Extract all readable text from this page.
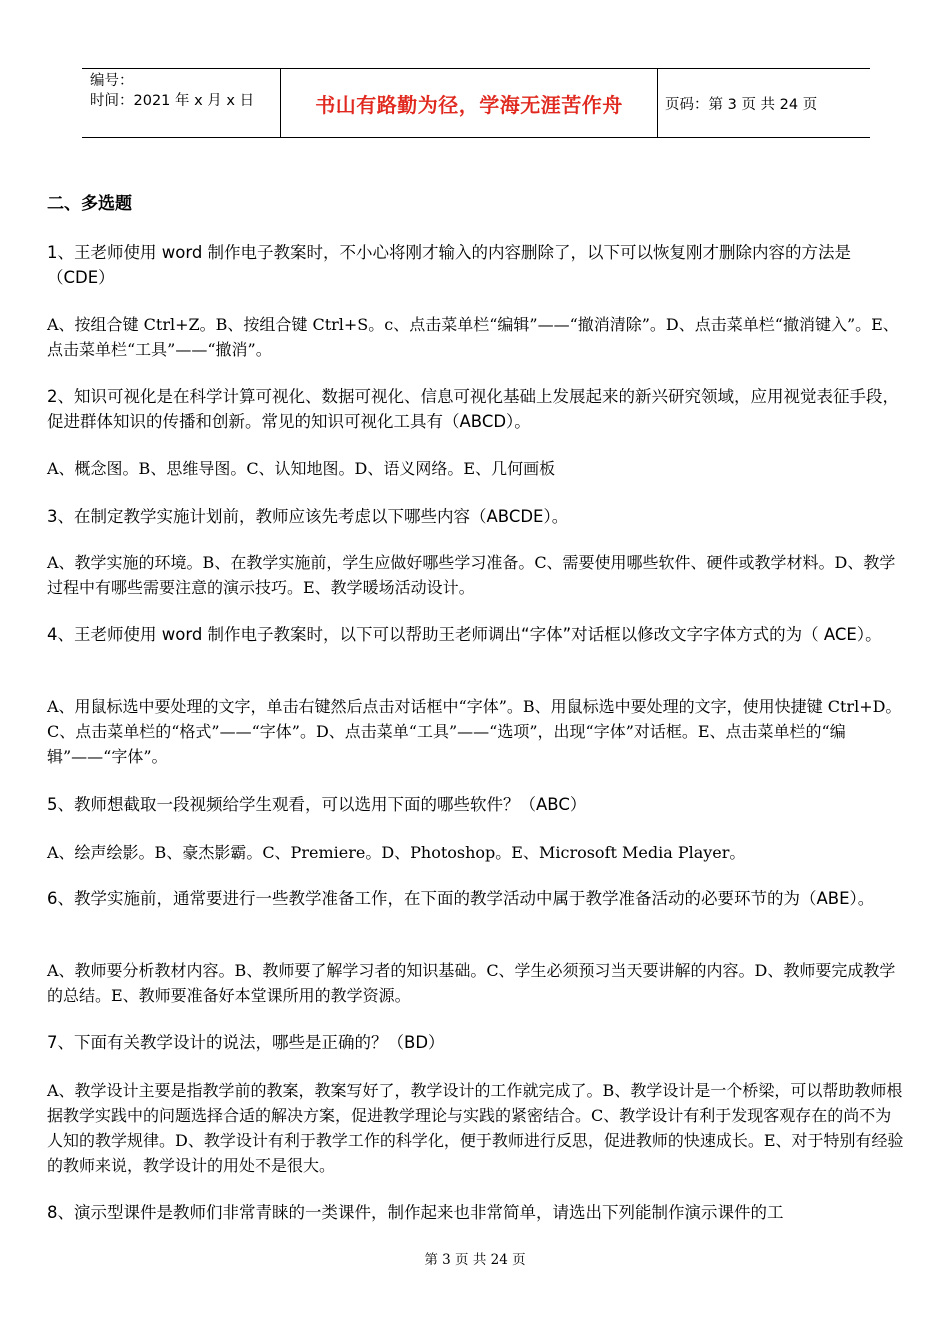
编号：
时间：2021 年 x 月 x 日	书山有路勤为径，学海无涯苦作舟	页码：第 3 页 共 24 页
二、多选题
1、王老师使用 word 制作电子教案时，不小心将刚才输入的内容删除了，以下可以恢复刚才删除内容的方法是（CDE）
A、按组合键 Ctrl+Z。B、按组合键 Ctrl+S。c、点击菜单栏“编辑”——“撤消清除”。D、点击菜单栏“撤消键入”。E、点击菜单栏“工具”——“撤消”。
2、知识可视化是在科学计算可视化、数据可视化、信息可视化基础上发展起来的新兴研究领域，应用视觉表征手段，促进群体知识的传播和创新。常见的知识可视化工具有（ABCD）。
A、概念图。B、思维导图。C、认知地图。D、语义网络。E、几何画板
3、在制定教学实施计划前，教师应该先考虑以下哪些内容（ABCDE）。
A、教学实施的环境。B、在教学实施前，学生应做好哪些学习准备。C、需要使用哪些软件、硬件或教学材料。D、教学过程中有哪些需要注意的演示技巧。E、教学暖场活动设计。
4、王老师使用 word 制作电子教案时，以下可以帮助王老师调出“字体”对话框以修改文字字体方式的为（ ACE）。
A、用鼠标选中要处理的文字，单击右键然后点击对话框中“字体”。B、用鼠标选中要处理的文字，使用快捷键 Ctrl+D。C、点击菜单栏的“格式”——“字体”。D、点击菜单“工具”——“选项”，出现“字体”对话框。E、点击菜单栏的“编辑”——“字体”。
5、教师想截取一段视频给学生观看，可以选用下面的哪些软件？（ABC）
A、绘声绘影。B、豪杰影霸。C、Premiere。D、Photoshop。E、Microsoft Media Player。
6、教学实施前，通常要进行一些教学准备工作，在下面的教学活动中属于教学准备活动的必要环节的为（ABE）。
A、教师要分析教材内容。B、教师要了解学习者的知识基础。C、学生必须预习当天要讲解的内容。D、教师要完成教学的总结。E、教师要准备好本堂课所用的教学资源。
7、下面有关教学设计的说法，哪些是正确的？（BD）
A、教学设计主要是指教学前的教案，教案写好了，教学设计的工作就完成了。B、教学设计是一个桥梁，可以帮助教师根据教学实践中的问题选择合适的解决方案，促进教学理论与实践的紧密结合。C、教学设计有利于发现客观存在的尚不为人知的教学规律。D、教学设计有利于教学工作的科学化，便于教师进行反思，促进教师的快速成长。E、对于特别有经验的教师来说，教学设计的用处不是很大。
8、演示型课件是教师们非常青睐的一类课件，制作起来也非常简单，请选出下列能制作演示课件的工
第 3 页 共 24 页
